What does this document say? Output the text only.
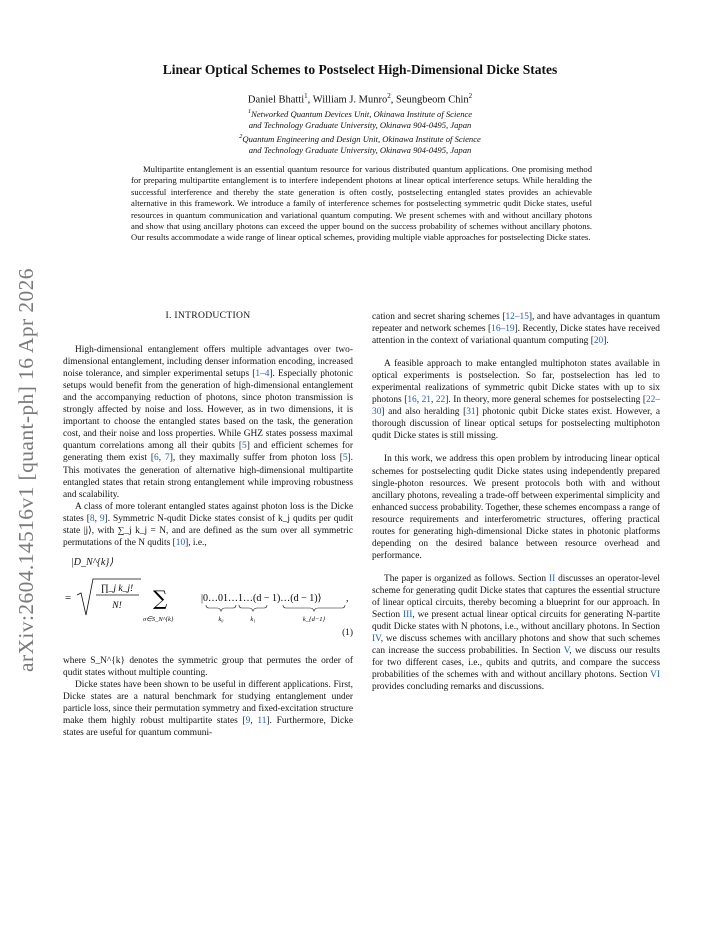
arXiv:2604.14516v1 [quant-ph] 16 Apr 2026
Linear Optical Schemes to Postselect High-Dimensional Dicke States
Daniel Bhatti$^1$, William J. Munro$^2$, Seungbeom Chin$^2$
$^1$Networked Quantum Devices Unit, Okinawa Institute of Science
and Technology Graduate University, Okinawa 904-0495, Japan
$^2$Quantum Engineering and Design Unit, Okinawa Institute of Science
and Technology Graduate University, Okinawa 904-0495, Japan
Multipartite entanglement is an essential quantum resource for various distributed quantum applications. One promising method for preparing multipartite entanglement is to interfere independent photons at linear optical interference setups. While heralding the successful interference and thereby the state generation is often costly, postselecting entangled states provides an achievable alternative in this framework. We introduce a family of interference schemes for postselecting symmetric qudit Dicke states, useful resources in quantum communication and variational quantum computing. We present schemes with and without ancillary photons and show that using ancillary photons can exceed the upper bound on the success probability of schemes without ancillary photons. Our results accommodate a wide range of linear optical schemes, providing multiple viable approaches for postselecting Dicke states.
I. INTRODUCTION

High-dimensional entanglement offers multiple advantages over two-dimensional entanglement, including denser information encoding, increased noise tolerance, and simpler experimental setups [1–4]. Especially photonic setups would benefit from the generation of high-dimensional entanglement and the accompanying reduction of photons, since photon transmission is strongly affected by noise and loss. However, as in two dimensions, it is important to choose the entangled states based on the task, the generation cost, and their noise and loss properties. While GHZ states possess maximal quantum correlations among all their qubits [5] and efficient schemes for generating them exist [6, 7], they maximally suffer from photon loss [5]. This motivates the generation of alternative high-dimensional multipartite entangled states that retain strong entanglement while improving robustness and scalability.

A class of more tolerant entangled states against photon loss is the Dicke states [8, 9]. Symmetric N-qudit Dicke states consist of k_j qudits per qudit state |j⟩, with ∑_j k_j = N, and are defined as the sum over all symmetric permutations of the N qudits [10], i.e.,

|D_N^{k}⟩
=
∏_j k_j!
N! ∑
σ∈S_N^{k}
|0…01…1…(d − 1)…(d − 1)⟩
k₀	k₁	k_{d−1}
,
(1)

where S_N^{k} denotes the symmetric group that permutes the order of qudit states without multiple counting.

Dicke states have been shown to be useful in different applications. First, Dicke states are a natural benchmark for studying entanglement under particle loss, since their permutation symmetry and fixed-excitation structure make them highly robust multipartite states [9, 11]. Furthermore, Dicke states are useful for quantum communi-

cation and secret sharing schemes [12–15], and have advantages in quantum repeater and network schemes [16–19]. Recently, Dicke states have received attention in the context of variational quantum computing [20].

A feasible approach to make entangled multiphoton states available in optical experiments is postselection. So far, postselection has led to experimental realizations of symmetric qubit Dicke states with up to six photons [16, 21, 22]. In theory, more general schemes for postselecting [22–30] and also heralding [31] photonic qubit Dicke states exist. However, a thorough discussion of linear optical setups for postselecting multiphoton qudit Dicke states is still missing.

In this work, we address this open problem by introducing linear optical schemes for postselecting qudit Dicke states using independently prepared single-photon resources. We present protocols both with and without ancillary photons, revealing a trade-off between experimental simplicity and enhanced success probability. Together, these schemes encompass a range of resource requirements and interferometric structures, offering practical routes for generating high-dimensional Dicke states in photonic platforms depending on the desired balance between resource overhead and performance.

The paper is organized as follows. Section II discusses an operator-level scheme for generating qudit Dicke states that captures the essential structure of linear optical circuits, thereby becoming a blueprint for our approach. In Section III, we present actual linear optical circuits for generating N-partite qudit Dicke states with N photons, i.e., without ancillary photons. In Section IV, we discuss schemes with ancillary photons and show that such schemes can increase the success probabilities. In Section V, we discuss our results for two different cases, i.e., qubits and qutrits, and compare the success probabilities of the schemes with and without ancillary photons. Section VI provides concluding remarks and discussions.
